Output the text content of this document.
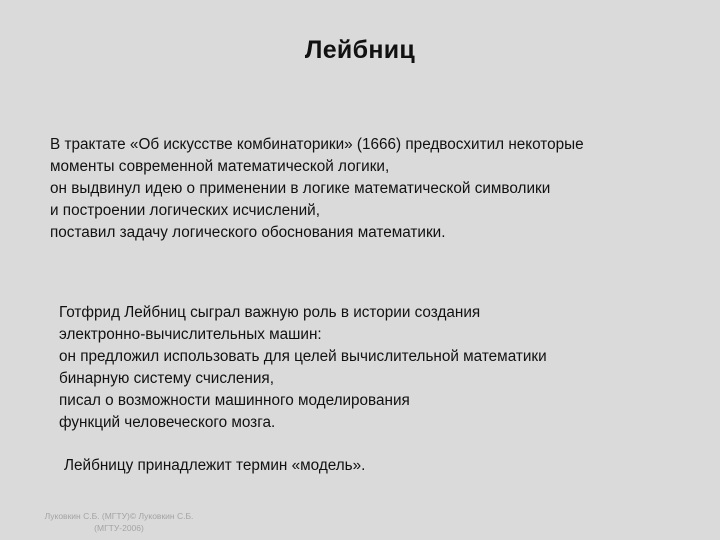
Лейбниц
В трактате «Об искусстве комбинаторики» (1666) предвосхитил некоторые
моменты современной математической логики,
он выдвинул идею о применении в логике математической символики
и построении логических исчислений,
поставил задачу логического обоснования математики.
Готфрид Лейбниц сыграл важную роль в истории создания
электронно-вычислительных машин:
он предложил использовать для целей вычислительной математики
бинарную систему счисления,
писал о возможности машинного моделирования
функций человеческого мозга.
Лейбницу принадлежит термин «модель».
Луковкин С.Б. (МГТУ)© Луковкин С.Б.
(МГТУ-2006)
